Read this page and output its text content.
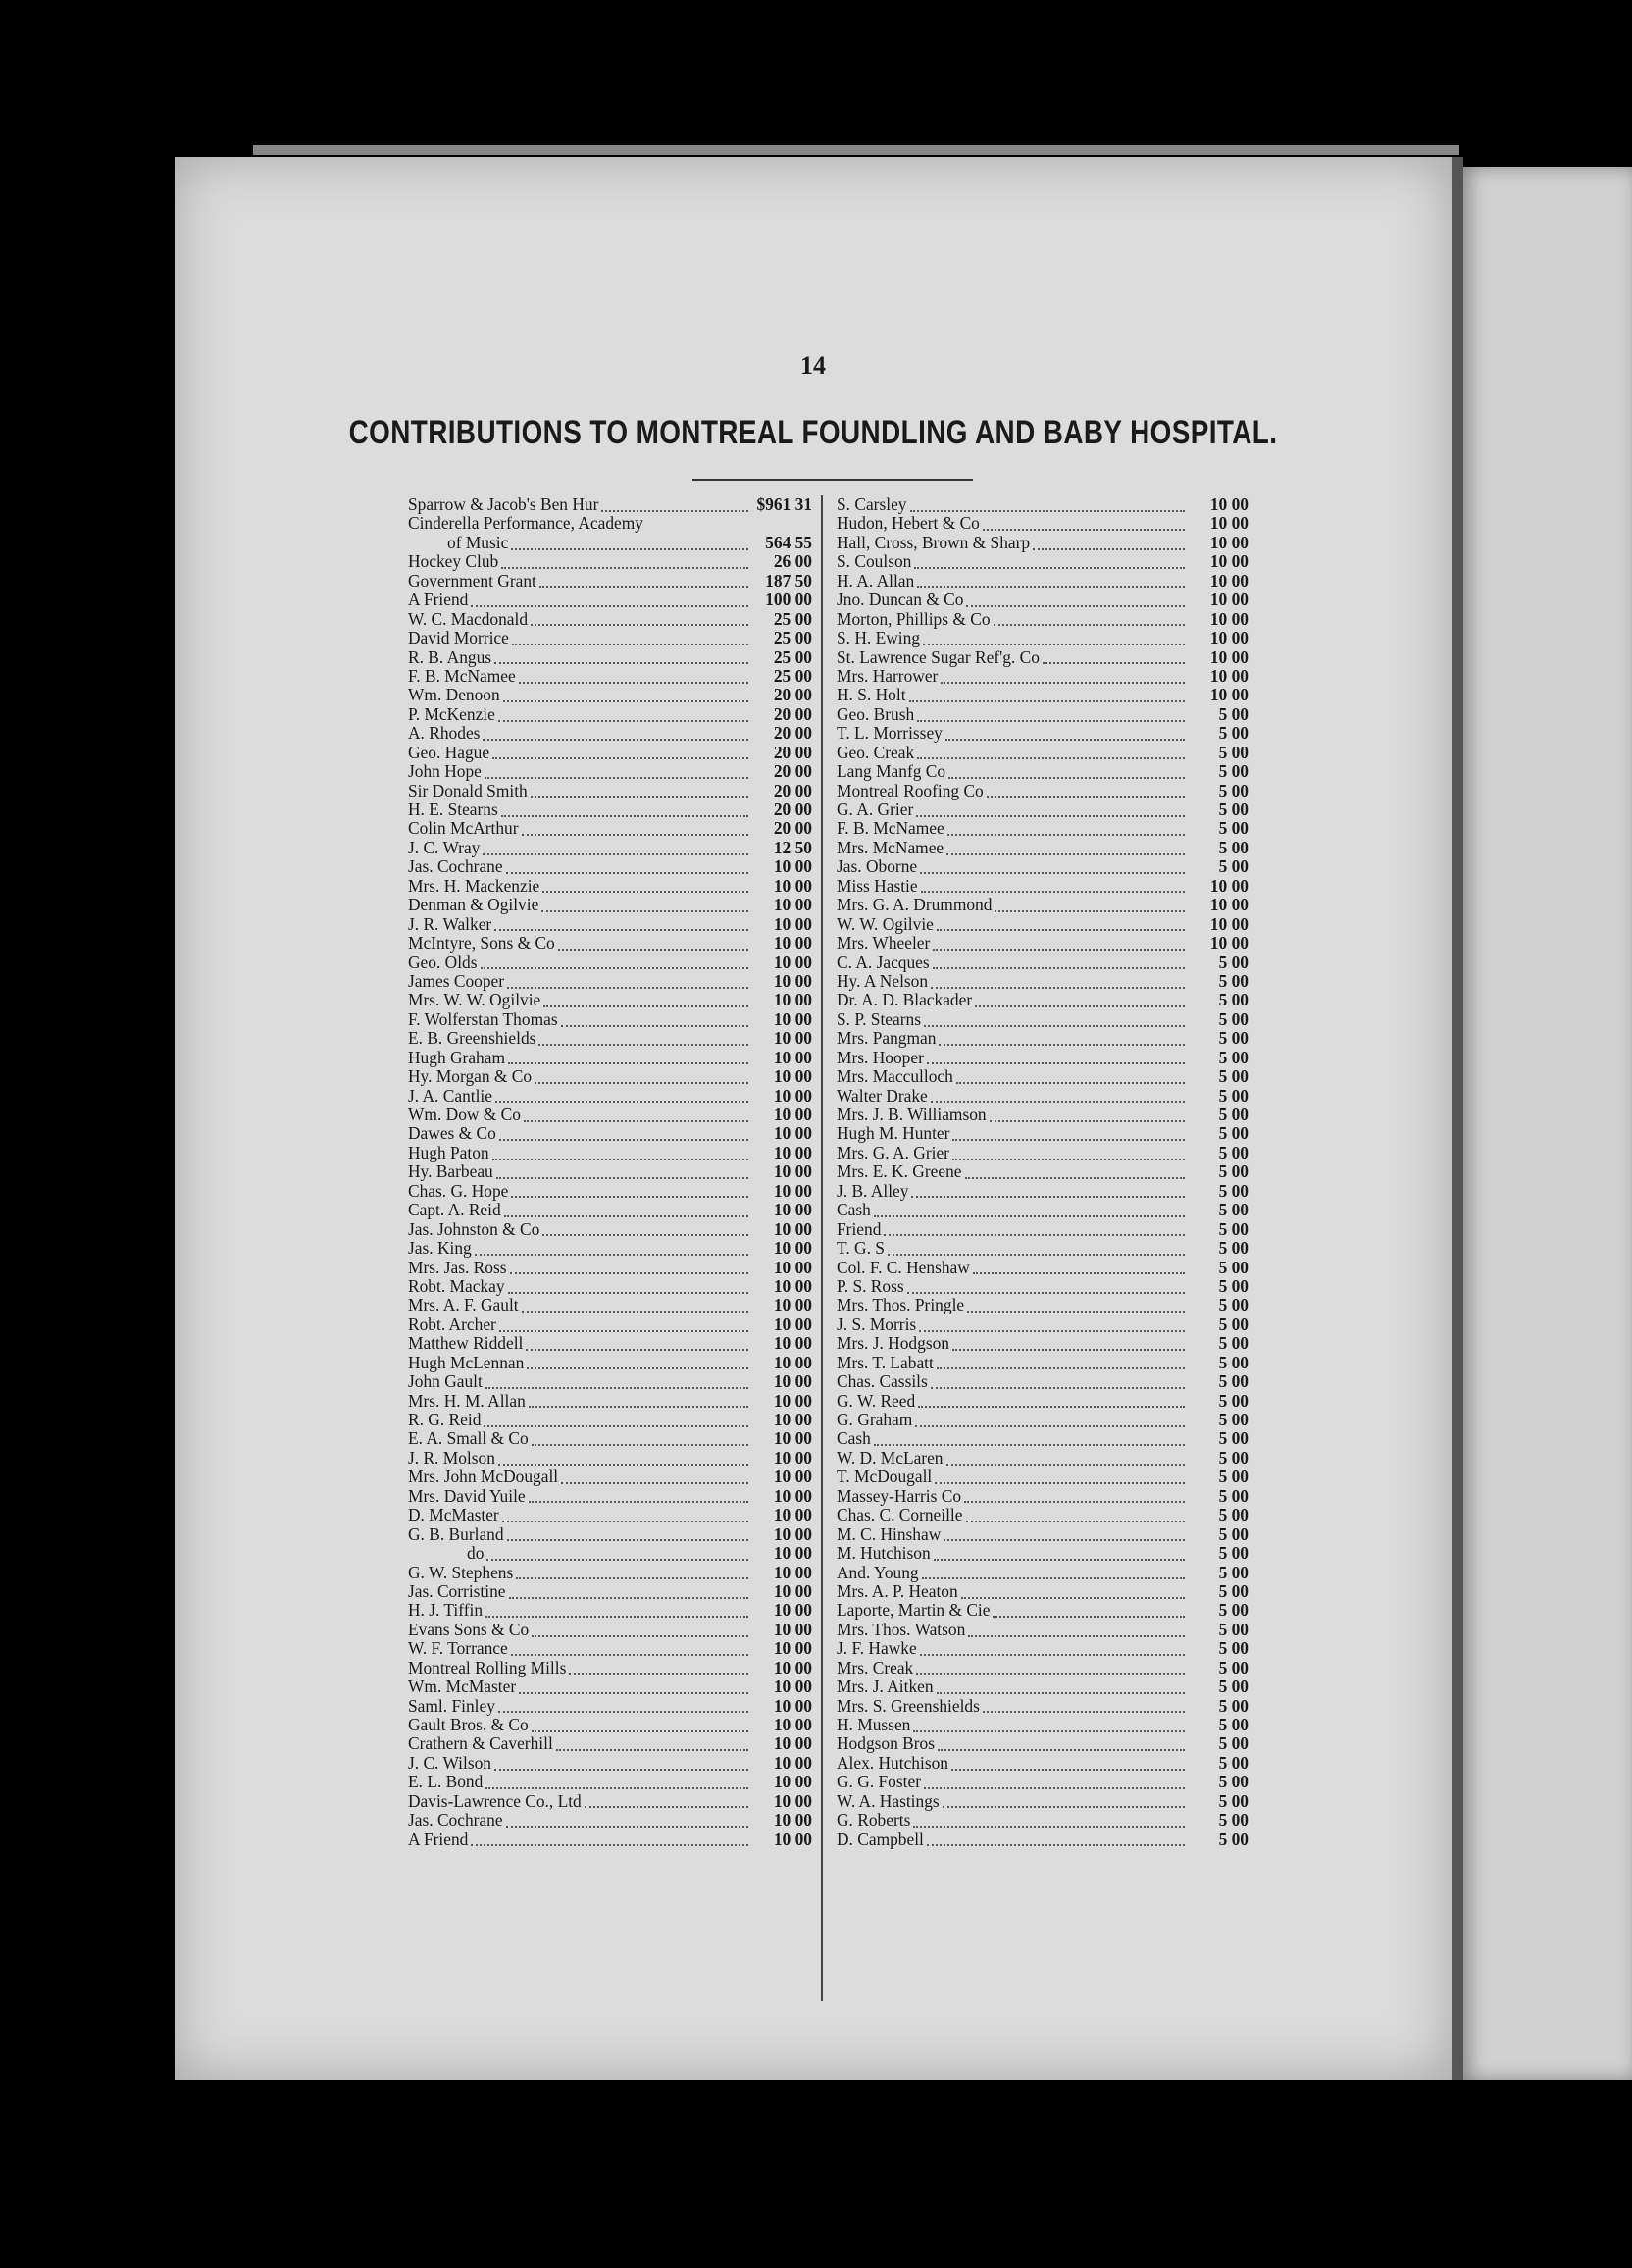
14
CONTRIBUTIONS TO MONTREAL FOUNDLING AND BABY HOSPITAL.
Sparrow & Jacob's Ben Hur	$961 31
Cinderella Performance, Academy
of Music	564 55
Hockey Club	26 00
Government Grant	187 50
A Friend	100 00
W. C. Macdonald	25 00
David Morrice	25 00
R. B. Angus	25 00
F. B. McNamee	25 00
Wm. Denoon	20 00
P. McKenzie	20 00
A. Rhodes	20 00
Geo. Hague	20 00
John Hope	20 00
Sir Donald Smith	20 00
H. E. Stearns	20 00
Colin McArthur	20 00
J. C. Wray	12 50
Jas. Cochrane	10 00
Mrs. H. Mackenzie	10 00
Denman & Ogilvie	10 00
J. R. Walker	10 00
McIntyre, Sons & Co	10 00
Geo. Olds	10 00
James Cooper	10 00
Mrs. W. W. Ogilvie	10 00
F. Wolferstan Thomas	10 00
E. B. Greenshields	10 00
Hugh Graham	10 00
Hy. Morgan & Co	10 00
J. A. Cantlie	10 00
Wm. Dow & Co	10 00
Dawes & Co	10 00
Hugh Paton	10 00
Hy. Barbeau	10 00
Chas. G. Hope	10 00
Capt. A. Reid	10 00
Jas. Johnston & Co	10 00
Jas. King	10 00
Mrs. Jas. Ross	10 00
Robt. Mackay	10 00
Mrs. A. F. Gault	10 00
Robt. Archer	10 00
Matthew Riddell	10 00
Hugh McLennan	10 00
John Gault	10 00
Mrs. H. M. Allan	10 00
R. G. Reid	10 00
E. A. Small & Co	10 00
J. R. Molson	10 00
Mrs. John McDougall	10 00
Mrs. David Yuile	10 00
D. McMaster	10 00
G. B. Burland	10 00
do	10 00
G. W. Stephens	10 00
Jas. Corristine	10 00
H. J. Tiffin	10 00
Evans Sons & Co	10 00
W. F. Torrance	10 00
Montreal Rolling Mills	10 00
Wm. McMaster	10 00
Saml. Finley	10 00
Gault Bros. & Co	10 00
Crathern & Caverhill	10 00
J. C. Wilson	10 00
E. L. Bond	10 00
Davis-Lawrence Co., Ltd	10 00
Jas. Cochrane	10 00
A Friend	10 00
S. Carsley	10 00
Hudon, Hebert & Co	10 00
Hall, Cross, Brown & Sharp	10 00
S. Coulson	10 00
H. A. Allan	10 00
Jno. Duncan & Co	10 00
Morton, Phillips & Co	10 00
S. H. Ewing	10 00
St. Lawrence Sugar Ref'g. Co	10 00
Mrs. Harrower	10 00
H. S. Holt	10 00
Geo. Brush	5 00
T. L. Morrissey	5 00
Geo. Creak	5 00
Lang Manfg Co	5 00
Montreal Roofing Co	5 00
G. A. Grier	5 00
F. B. McNamee	5 00
Mrs. McNamee	5 00
Jas. Oborne	5 00
Miss Hastie	10 00
Mrs. G. A. Drummond	10 00
W. W. Ogilvie	10 00
Mrs. Wheeler	10 00
C. A. Jacques	5 00
Hy. A Nelson	5 00
Dr. A. D. Blackader	5 00
S. P. Stearns	5 00
Mrs. Pangman	5 00
Mrs. Hooper	5 00
Mrs. Macculloch	5 00
Walter Drake	5 00
Mrs. J. B. Williamson	5 00
Hugh M. Hunter	5 00
Mrs. G. A. Grier	5 00
Mrs. E. K. Greene	5 00
J. B. Alley	5 00
Cash	5 00
Friend	5 00
T. G. S	5 00
Col. F. C. Henshaw	5 00
P. S. Ross	5 00
Mrs. Thos. Pringle	5 00
J. S. Morris	5 00
Mrs. J. Hodgson	5 00
Mrs. T. Labatt	5 00
Chas. Cassils	5 00
G. W. Reed	5 00
G. Graham	5 00
Cash	5 00
W. D. McLaren	5 00
T. McDougall	5 00
Massey-Harris Co	5 00
Chas. C. Corneille	5 00
M. C. Hinshaw	5 00
M. Hutchison	5 00
And. Young	5 00
Mrs. A. P. Heaton	5 00
Laporte, Martin & Cie	5 00
Mrs. Thos. Watson	5 00
J. F. Hawke	5 00
Mrs. Creak	5 00
Mrs. J. Aitken	5 00
Mrs. S. Greenshields	5 00
H. Mussen	5 00
Hodgson Bros	5 00
Alex. Hutchison	5 00
G. G. Foster	5 00
W. A. Hastings	5 00
G. Roberts	5 00
D. Campbell	5 00
